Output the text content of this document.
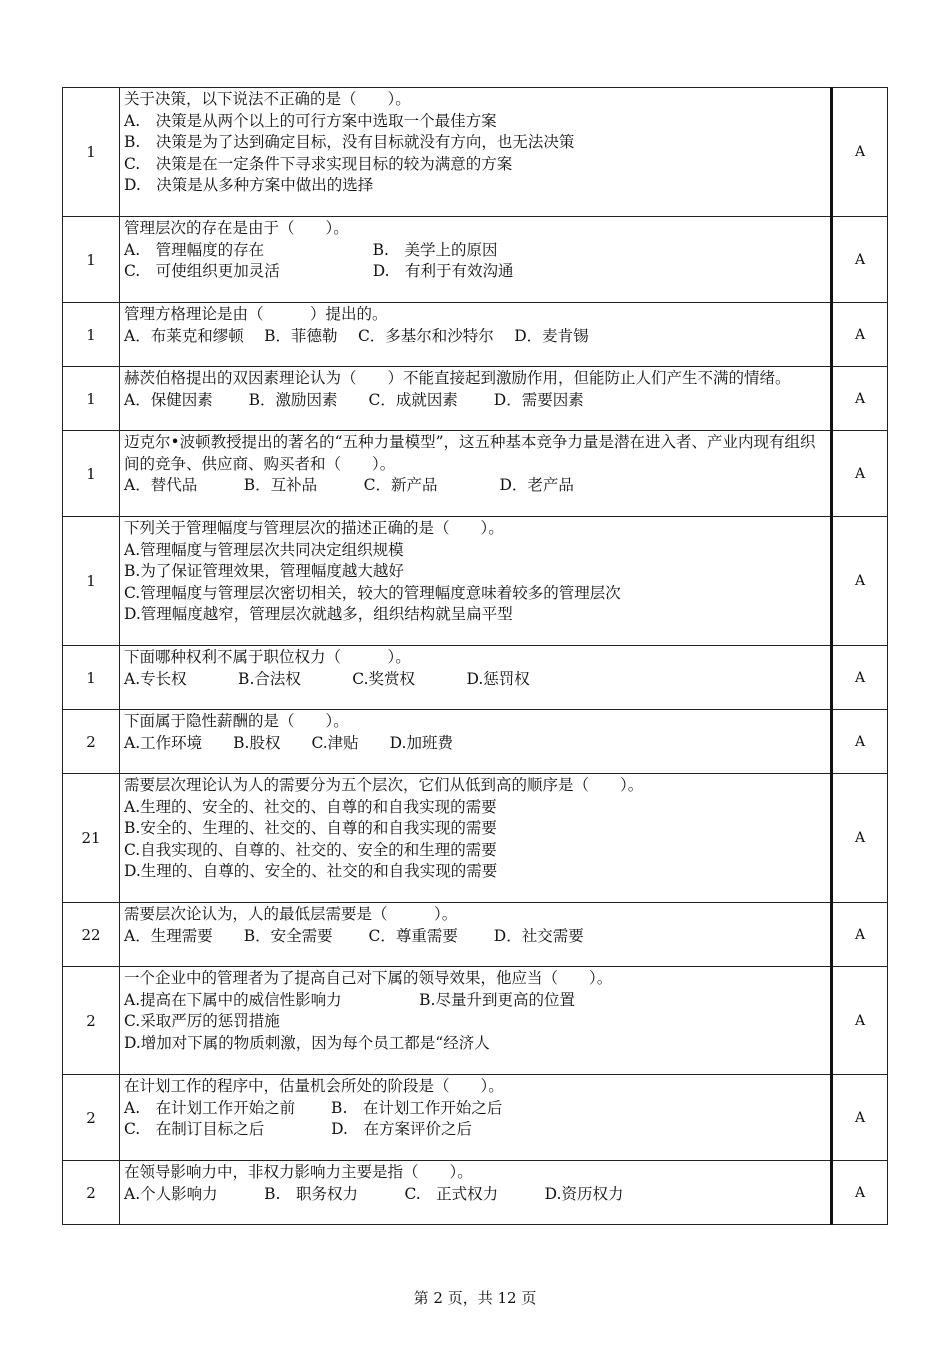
1	关于决策，以下说法不正确的是（　　）。
A.　决策是从两个以上的可行方案中选取一个最佳方案
B.　决策是为了达到确定目标，没有目标就没有方向，也无法决策
C.　决策是在一定条件下寻求实现目标的较为满意的方案
D.　决策是从多种方案中做出的选择	A
1	管理层次的存在是由于（　　）。
A.　管理幅度的存在　　　　　　　B.　美学上的原因
C.　可使组织更加灵活　　　　　　D.　有利于有效沟通	A
1	管理方格理论是由（　　　）提出的。
A．布莱克和缪顿　 B．菲德勒　 C．多基尔和沙特尔　 D．麦肯锡	A
1	赫茨伯格提出的双因素理论认为（　　）不能直接起到激励作用，但能防止人们产生不满的情绪。
A．保健因素　　 B．激励因素　　C．成就因素　　 D．需要因素	A
1	迈克尔•波顿教授提出的著名的“五种力量模型”，这五种基本竞争力量是潜在进入者、产业内现有组织间的竞争、供应商、购买者和（　　）。
A．替代品　　　B．互补品　　　C．新产品　　　　D．老产品	A
1	下列关于管理幅度与管理层次的描述正确的是（　　）。
A.管理幅度与管理层次共同决定组织规模
B.为了保证管理效果，管理幅度越大越好
C.管理幅度与管理层次密切相关，较大的管理幅度意味着较多的管理层次
D.管理幅度越窄，管理层次就越多，组织结构就呈扁平型	A
1	下面哪种权利不属于职位权力（　　　）。
A.专长权　　　 B.合法权　　　 C.奖赏权　　　 D.惩罚权	A
2	下面属于隐性薪酬的是（　　）。
A.工作环境　　B.股权　　C.津贴　　D.加班费	A
21	需要层次理论认为人的需要分为五个层次，它们从低到高的顺序是（　　）。
A.生理的、安全的、社交的、自尊的和自我实现的需要
B.安全的、生理的、社交的、自尊的和自我实现的需要
C.自我实现的、自尊的、社交的、安全的和生理的需要
D.生理的、自尊的、安全的、社交的和自我实现的需要	A
22	需要层次论认为，人的最低层需要是（　　　）。
A．生理需要　　B．安全需要　　 C．尊重需要　　 D．社交需要	A
2	一个企业中的管理者为了提高自己对下属的领导效果，他应当（　　）。
A.提高在下属中的威信性影响力　　　　　B.尽量升到更高的位置
C.采取严厉的惩罚措施
D.增加对下属的物质刺激，因为每个员工都是“经济人	A
2	在计划工作的程序中，估量机会所处的阶段是（　　）。
A.　在计划工作开始之前　　 B.　在计划工作开始之后
C.　在制订目标之后　　　　 D.　在方案评价之后	A
2	在领导影响力中，非权力影响力主要是指（　　）。
A.个人影响力　　　B.　职务权力　　　C.　正式权力　　　D.资历权力	A
第 2 页，共 12 页
